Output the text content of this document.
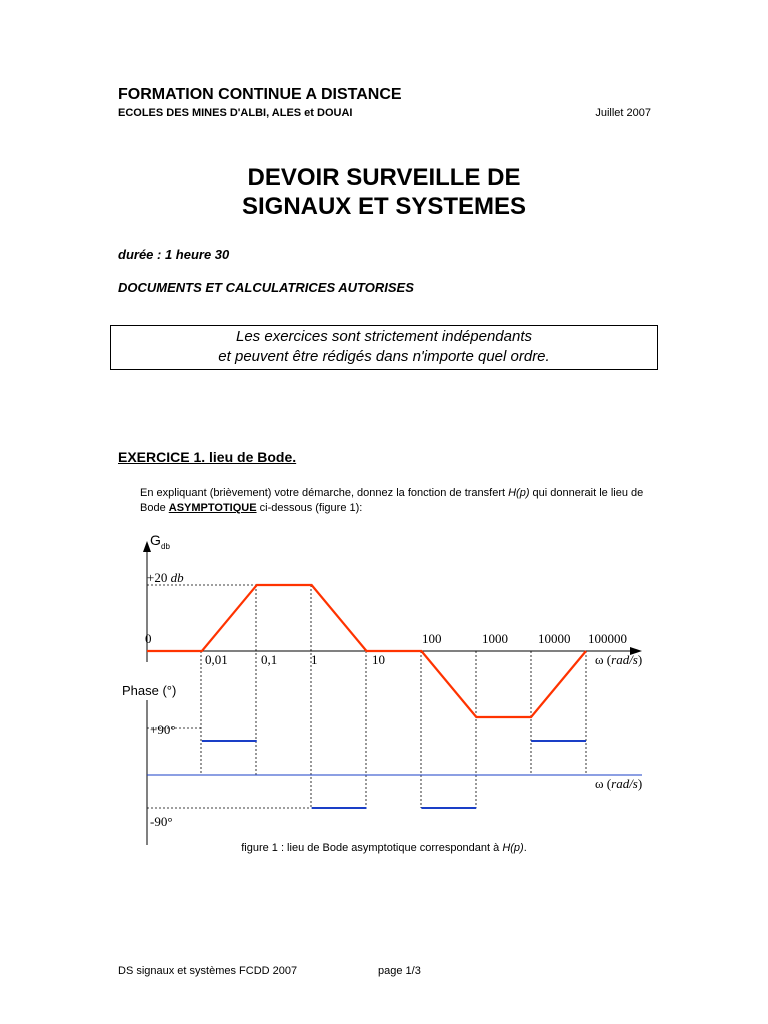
FORMATION CONTINUE A DISTANCE
ECOLES DES MINES D'ALBI, ALES et DOUAI	Juillet 2007
DEVOIR SURVEILLE DE
SIGNAUX ET SYSTEMES
durée : 1 heure 30
DOCUMENTS ET CALCULATRICES AUTORISES
Les exercices sont strictement indépendants
et peuvent être rédigés dans n'importe quel ordre.
EXERCICE 1. lieu de Bode.
En expliquant (brièvement) votre démarche, donnez la fonction de transfert H(p) qui donnerait le lieu de Bode ASYMPTOTIQUE ci-dessous (figure 1):
G db
+20 db
0
0,01	0,1	1	10
100	1000 10000 100000
ω (rad/s)
Phase (°)
+90°
-90°
ω (rad/s)
figure 1 : lieu de Bode asymptotique correspondant à H(p).
DS signaux et systèmes FCDD 2007	page 1/3
